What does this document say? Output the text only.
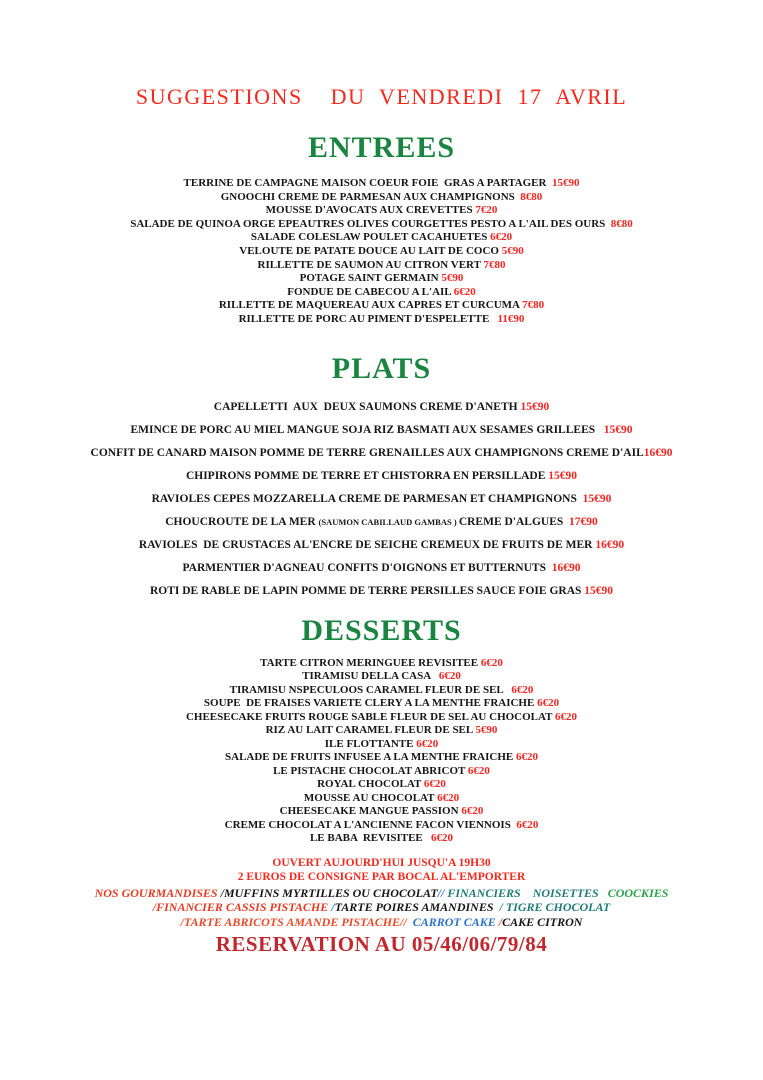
SUGGESTIONS    DU  VENDREDI  17  AVRIL
ENTREES
TERRINE DE CAMPAGNE MAISON COEUR FOIE  GRAS A PARTAGER  15€90
GNOOCHI CREME DE PARMESAN AUX CHAMPIGNONS  8€80
MOUSSE D'AVOCATS AUX CREVETTES 7€20
SALADE DE QUINOA ORGE EPEAUTRES OLIVES COURGETTES PESTO A L'AIL DES OURS  8€80
SALADE COLESLAW POULET CACAHUETES 6€20
VELOUTE DE PATATE DOUCE AU LAIT DE COCO 5€90
RILLETTE DE SAUMON AU CITRON VERT 7€80
POTAGE SAINT GERMAIN 5€90
FONDUE DE CABECOU A L'AIL 6€20
RILLETTE DE MAQUEREAU AUX CAPRES ET CURCUMA 7€80
RILLETTE DE PORC AU PIMENT D'ESPELETTE   11€90
PLATS
CAPELLETTI  AUX  DEUX SAUMONS CREME D'ANETH 15€90
EMINCE DE PORC AU MIEL MANGUE SOJA RIZ BASMATI AUX SESAMES GRILLEES   15€90
CONFIT DE CANARD MAISON POMME DE TERRE GRENAILLES AUX CHAMPIGNONS CREME D'AIL16€90
CHIPIRONS POMME DE TERRE ET CHISTORRA EN PERSILLADE 15€90
RAVIOLES CEPES MOZZARELLA CREME DE PARMESAN ET CHAMPIGNONS  15€90
CHOUCROUTE DE LA MER (SAUMON CABILLAUD GAMBAS ) CREME D'ALGUES  17€90
RAVIOLES  DE CRUSTACES AL'ENCRE DE SEICHE CREMEUX DE FRUITS DE MER 16€90
PARMENTIER D'AGNEAU CONFITS D'OIGNONS ET BUTTERNUTS  16€90
ROTI DE RABLE DE LAPIN POMME DE TERRE PERSILLES SAUCE FOIE GRAS 15€90
DESSERTS
TARTE CITRON MERINGUEE REVISITEE 6€20
TIRAMISU DELLA CASA   6€20
TIRAMISU NSPECULOOS CARAMEL FLEUR DE SEL   6€20
SOUPE  DE FRAISES VARIETE CLERY A LA MENTHE FRAICHE 6€20
CHEESECAKE FRUITS ROUGE SABLE FLEUR DE SEL AU CHOCOLAT 6€20
RIZ AU LAIT CARAMEL FLEUR DE SEL 5€90
ILE FLOTTANTE 6€20
SALADE DE FRUITS INFUSEE A LA MENTHE FRAICHE 6€20
LE PISTACHE CHOCOLAT ABRICOT 6€20
ROYAL CHOCOLAT 6€20
MOUSSE AU CHOCOLAT 6€20
CHEESECAKE MANGUE PASSION 6€20
CREME CHOCOLAT A L'ANCIENNE FACON VIENNOIS  6€20
LE BABA  REVISITEE   6€20
OUVERT AUJOURD'HUI JUSQU'A 19H30
2 EUROS DE CONSIGNE PAR BOCAL AL'EMPORTER
NOS GOURMANDISES /MUFFINS MYRTILLES OU CHOCOLAT// FINANCIERS    NOISETTES   COOCKIES
/FINANCIER CASSIS PISTACHE /TARTE POIRES AMANDINES  / TIGRE CHOCOLAT
/TARTE ABRICOTS AMANDE PISTACHE//  CARROT CAKE /CAKE CITRON
RESERVATION AU 05/46/06/79/84
